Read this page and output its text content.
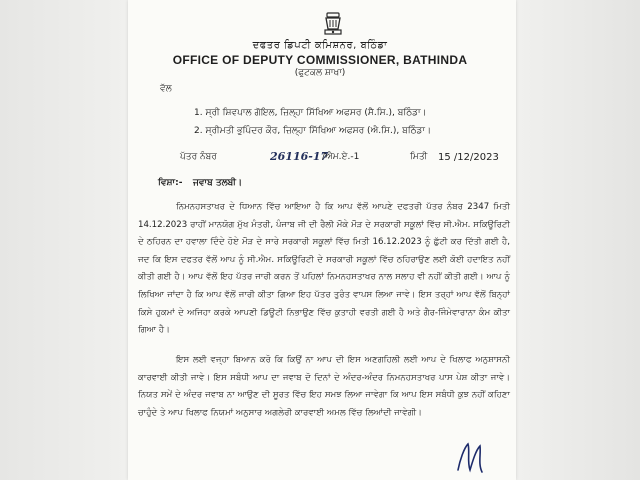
ਦਫਤਰ ਡਿਪਟੀ ਕਮਿਸ਼ਨਰ, ਬਠਿੰਡਾ
OFFICE OF DEPUTY COMMISSIONER, BATHINDA
(ਫੁਟਕਲ ਸ਼ਾਖਾ)
ਵੱਲ
1. ਸ੍ਰੀ ਸ਼ਿਵਪਾਲ ਗੋਇਲ, ਜ਼ਿਲ੍ਹਾ ਸਿੱਖਿਆ ਅਫਸਰ (ਸੈ.ਸਿ.), ਬਠਿੰਡਾ।
2. ਸ੍ਰੀਮਤੀ ਭੁਪਿੰਦਰ ਕੌਰ, ਜ਼ਿਲ੍ਹਾ ਸਿੱਖਿਆ ਅਫਸਰ (ਐ.ਸਿ.), ਬਠਿੰਡਾ।
ਪੱਤਰ ਨੰਬਰ	26116-17
/ਐਮ.ਏ.-1	ਮਿਤੀ 15 /12/2023
ਵਿਸ਼ਾ:- ਜਵਾਬ ਤਲਬੀ।
ਨਿਮਨਹਸਤਾਖਰ ਦੇ ਧਿਆਨ ਵਿੱਚ ਆਇਆ ਹੈ ਕਿ ਆਪ ਵੱਲੋਂ ਆਪਣੇ ਦਫਤਰੀ ਪੱਤਰ ਨੰਬਰ 2347 ਮਿਤੀ 14.12.2023 ਰਾਹੀਂ ਮਾਨਯੋਗ ਮੁੱਖ ਮੰਤਰੀ, ਪੰਜਾਬ ਜੀ ਦੀ ਰੈਲੀ ਮੌਕੇ ਮੌੜ ਦੇ ਸਰਕਾਰੀ ਸਕੂਲਾਂ ਵਿੱਚ ਸੀ.ਐਮ. ਸਕਿਊਰਿਟੀ ਦੇ ਠਹਿਰਨ ਦਾ ਹਵਾਲਾ ਦਿੰਦੇ ਹੋਏ ਮੌੜ ਦੇ ਸਾਰੇ ਸਰਕਾਰੀ ਸਕੂਲਾਂ ਵਿੱਚ ਮਿਤੀ 16.12.2023 ਨੂੰ ਛੁੱਟੀ ਕਰ ਦਿੱਤੀ ਗਈ ਹੈ, ਜਦ ਕਿ ਇਸ ਦਫਤਰ ਵੱਲੋਂ ਆਪ ਨੂੰ ਸੀ.ਐਮ. ਸਕਿਊਰਿਟੀ ਦੇ ਸਰਕਾਰੀ ਸਕੂਲਾਂ ਵਿੱਚ ਠਹਿਰਾਉਣ ਲਈ ਕੋਈ ਹਦਾਇਤ ਨਹੀਂ ਕੀਤੀ ਗਈ ਹੈ। ਆਪ ਵੱਲੋਂ ਇਹ ਪੱਤਰ ਜਾਰੀ ਕਰਨ ਤੋਂ ਪਹਿਲਾਂ ਨਿਮਨਹਸਤਾਖਰ ਨਾਲ ਸਲਾਹ ਵੀ ਨਹੀਂ ਕੀਤੀ ਗਈ। ਆਪ ਨੂੰ ਲਿਖਿਆ ਜਾਂਦਾ ਹੈ ਕਿ ਆਪ ਵੱਲੋਂ ਜਾਰੀ ਕੀਤਾ ਗਿਆ ਇਹ ਪੱਤਰ ਤੁਰੰਤ ਵਾਪਸ ਲਿਆ ਜਾਵੇ। ਇਸ ਤਰ੍ਹਾਂ ਆਪ ਵੱਲੋਂ ਬਿਨ੍ਹਾਂ ਕਿਸੇ ਹੁਕਮਾਂ ਦੇ ਅਜਿਹਾ ਕਰਕੇ ਆਪਣੀ ਡਿਊਟੀ ਨਿਭਾਉਣ ਵਿੱਚ ਕੁਤਾਹੀ ਵਰਤੀ ਗਈ ਹੈ ਅਤੇ ਗੈਰ-ਜਿੰਮੇਵਾਰਾਨਾ ਕੰਮ ਕੀਤਾ ਗਿਆ ਹੈ।
ਇਸ ਲਈ ਵਜ੍ਹਾ ਬਿਆਨ ਕਰੋ ਕਿ ਕਿਉਂ ਨਾ ਆਪ ਦੀ ਇਸ ਅਣਗਹਿਲੀ ਲਈ ਆਪ ਦੇ ਖਿਲਾਫ ਅਨੁਸ਼ਾਸਨੀ ਕਾਰਵਾਈ ਕੀਤੀ ਜਾਵੇ। ਇਸ ਸਬੰਧੀ ਆਪ ਦਾ ਜਵਾਬ ਦੋ ਦਿਨਾਂ ਦੇ ਅੰਦਰ-ਅੰਦਰ ਨਿਮਨਹਸਤਾਖਰ ਪਾਸ ਪੇਸ਼ ਕੀਤਾ ਜਾਵੇ। ਨਿਯਤ ਸਮੇਂ ਦੇ ਅੰਦਰ ਜਵਾਬ ਨਾ ਆਉਣ ਦੀ ਸੂਰਤ ਵਿੱਚ ਇਹ ਸਮਝ ਲਿਆ ਜਾਵੇਗਾ ਕਿ ਆਪ ਇਸ ਸਬੰਧੀ ਕੁਝ ਨਹੀਂ ਕਹਿਣਾ ਚਾਹੁੰਦੇ ਤੇ ਆਪ ਖਿਲਾਫ ਨਿਯਮਾਂ ਅਨੁਸਾਰ ਅਗਲੇਰੀ ਕਾਰਵਾਈ ਅਮਲ ਵਿੱਚ ਲਿਆਂਦੀ ਜਾਵੇਗੀ।
